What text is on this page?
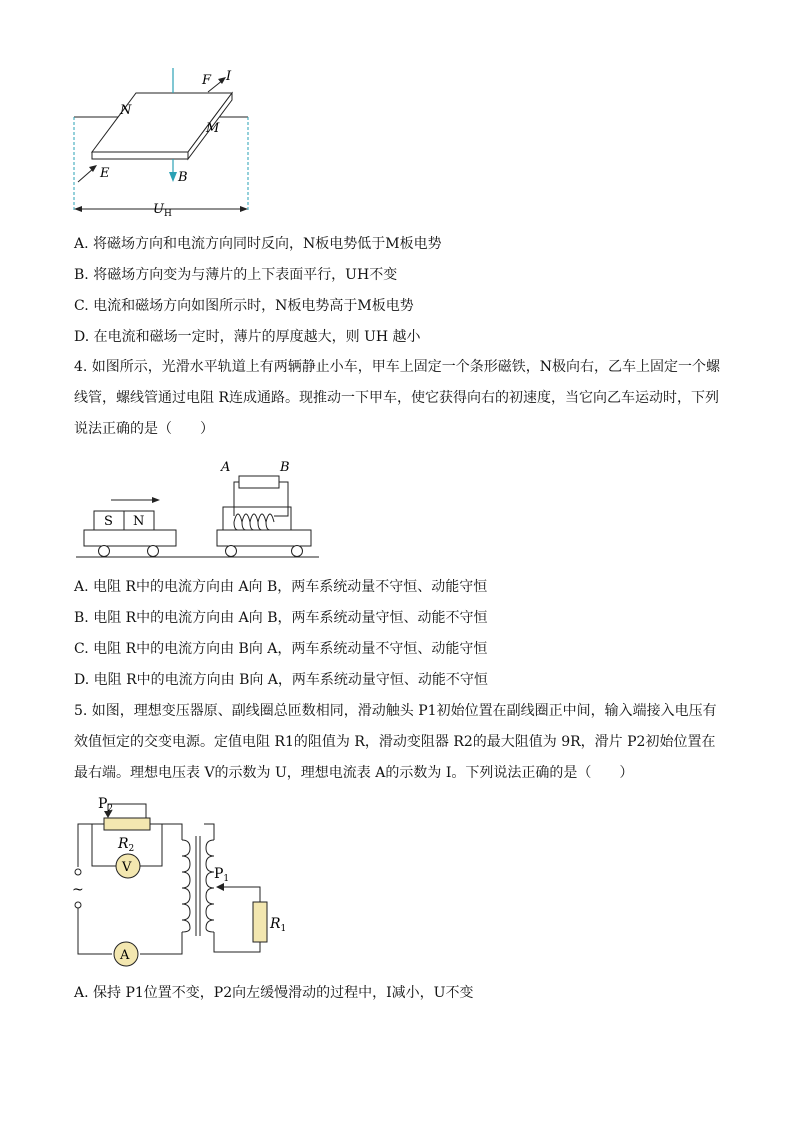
F I
N
M
E	B
$U_H$
A. 将磁场方向和电流方向同时反向，N板电势低于M板电势
B. 将磁场方向变为与薄片的上下表面平行，UH不变
C. 电流和磁场方向如图所示时，N板电势高于M板电势
D. 在电流和磁场一定时，薄片的厚度越大，则 UH 越小
4. 如图所示，光滑水平轨道上有两辆静止小车，甲车上固定一个条形磁铁，N极向右，乙车上固定一个螺线管，螺线管通过电阻 R连成通路。现推动一下甲车，使它获得向右的初速度，当它向乙车运动时，下列说法正确的是（　　）
S N
A	B
A. 电阻 R中的电流方向由 A向 B，两车系统动量不守恒、动能守恒
B. 电阻 R中的电流方向由 A向 B，两车系统动量守恒、动能不守恒
C. 电阻 R中的电流方向由 B向 A，两车系统动量不守恒、动能守恒
D. 电阻 R中的电流方向由 B向 A，两车系统动量守恒、动能不守恒
5. 如图，理想变压器原、副线圈总匝数相同，滑动触头 P1初始位置在副线圈正中间，输入端接入电压有效值恒定的交变电源。定值电阻 R1的阻值为 R，滑动变阻器 R2的最大阻值为 9R，滑片 P2初始位置在最右端。理想电压表 V的示数为 U，理想电流表 A的示数为 I。下列说法正确的是（　　）
~
$P_2$
$R_2$
V
A
$P_1$
$R_1$
A. 保持 P1位置不变，P2向左缓慢滑动的过程中，I减小，U不变
